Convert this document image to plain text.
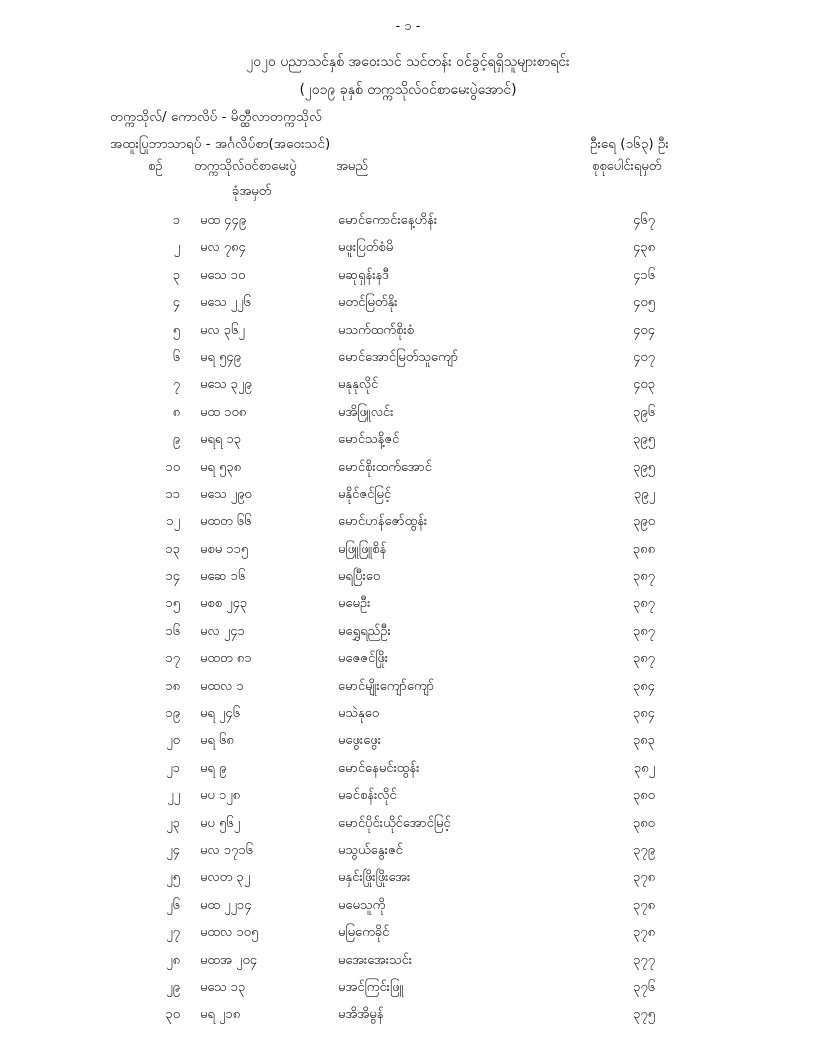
- ၁ -
၂၀၂၀ ပညာသင်နှစ် အဝေးသင် သင်တန်း ဝင်ခွင့်ရရှိသူများစာရင်း
(၂၀၁၉ ခုနှစ် တက္ကသိုလ်ဝင်စာမေးပွဲအောင်)
တက္ကသိုလ်/ ကောလိပ် - မိတ္ထီလာတက္ကသိုလ်
အထူးပြုဘာသာရပ် - အင်္ဂလိပ်စာ(အဝေးသင်)	ဦးရေ (၁၆၃) ဦး
စဉ် တက္ကသိုလ်ဝင်စာမေးပွဲ
ခုံအမှတ်
အမည်	စုစုပေါင်းရမှတ်
၁ မထ ၄၄၉	မောင်ကောင်းနေ့ဟိန်း	၄၆၇
၂ မလ ၇၈၄	မဖူးပြတ်စံမိ	၄၃၈
၃ မသေ ၁၀	မဆုရှန်းနဒီ	၄၁၆
၄ မသေ ၂၂၆	မတင်မြတ်နိုး	၄၀၅
၅ မလ ၃၆၂	မသက်ထက်စိုးစံ	၄၀၄
၆ မရ ၅၄၉	မောင်အောင်မြတ်သူကျော်	၄၀၇
၇ မသေ ၃၂၉	မနုနုလိုင်	၄၀၃
၈ မထ ၁၀၈	မအိဖြူလင်း	၃၉၆
၉ မရရ ၁၃	မောင်သနိ့ဇင်	၃၉၅
၁၀ မရ ၅၃၈	မောင်စိုးထက်အောင်	၃၉၅
၁၁ မသေ ၂၉၀	မနိုင်ဇင်မြင့်	၃၉၂
၁၂ မထတ ၆၆	မောင်ဟန်ဇော်ထွန်း	၃၉၀
၁၃ မစမ ၁၁၅	မဖြူဖြူစိန်	၃၈၈
၁၄ မဆေ ၁၆	မရပြီးဝေ	၃၈၇
၁၅ မစစ ၂၄၃	မမေဦး	၃၈၇
၁၆ မလ ၂၄၁	မရွှေရည်ဦး	၃၈၇
၁၇ မထတ ၈၁	မဇေဇင်ဖြိုး	၃၈၇
၁၈ မထလ ၁	မောင်မျိုးကျော်ကျော်	၃၈၄
၁၉ မရ ၂၄၆	မသဲနုဝေ	၃၈၄
၂၀ မရ ၆၈	မဖွေးဖွေး	၃၈၃
၂၁ မရ ၉	မောင်နေမင်းထွန်း	၃၈၂
၂၂ မပ ၁၂၈	မခင်စန်းလိုင်	၃၈၀
၂၃ မပ ၅၆၂	မောင်ပိုင်းယိုင်အောင်မြင့်	၃၈၀
၂၄ မလ ၁၇၁၆	မသွယ်နွေးဇင်	၃၇၉
၂၅ မလတ ၃၂	မနှင်းဖြိုးဖြိုးအေး	၃၇၈
၂၆ မထ ၂၂၁၄	မမေသူကို	၃၇၈
၂၇ မထလ ၁၀၅	မမြကေခိုင်	၃၇၈
၂၈ မထအ ၂၀၄	မအေးအေးသင်း	၃၇၇
၂၉ မသေ ၁၃	မအင်ကြင်းဖြူ	၃၇၆
၃၀ မရ ၂၁၈	မအိအိမွန်	၃၇၅
